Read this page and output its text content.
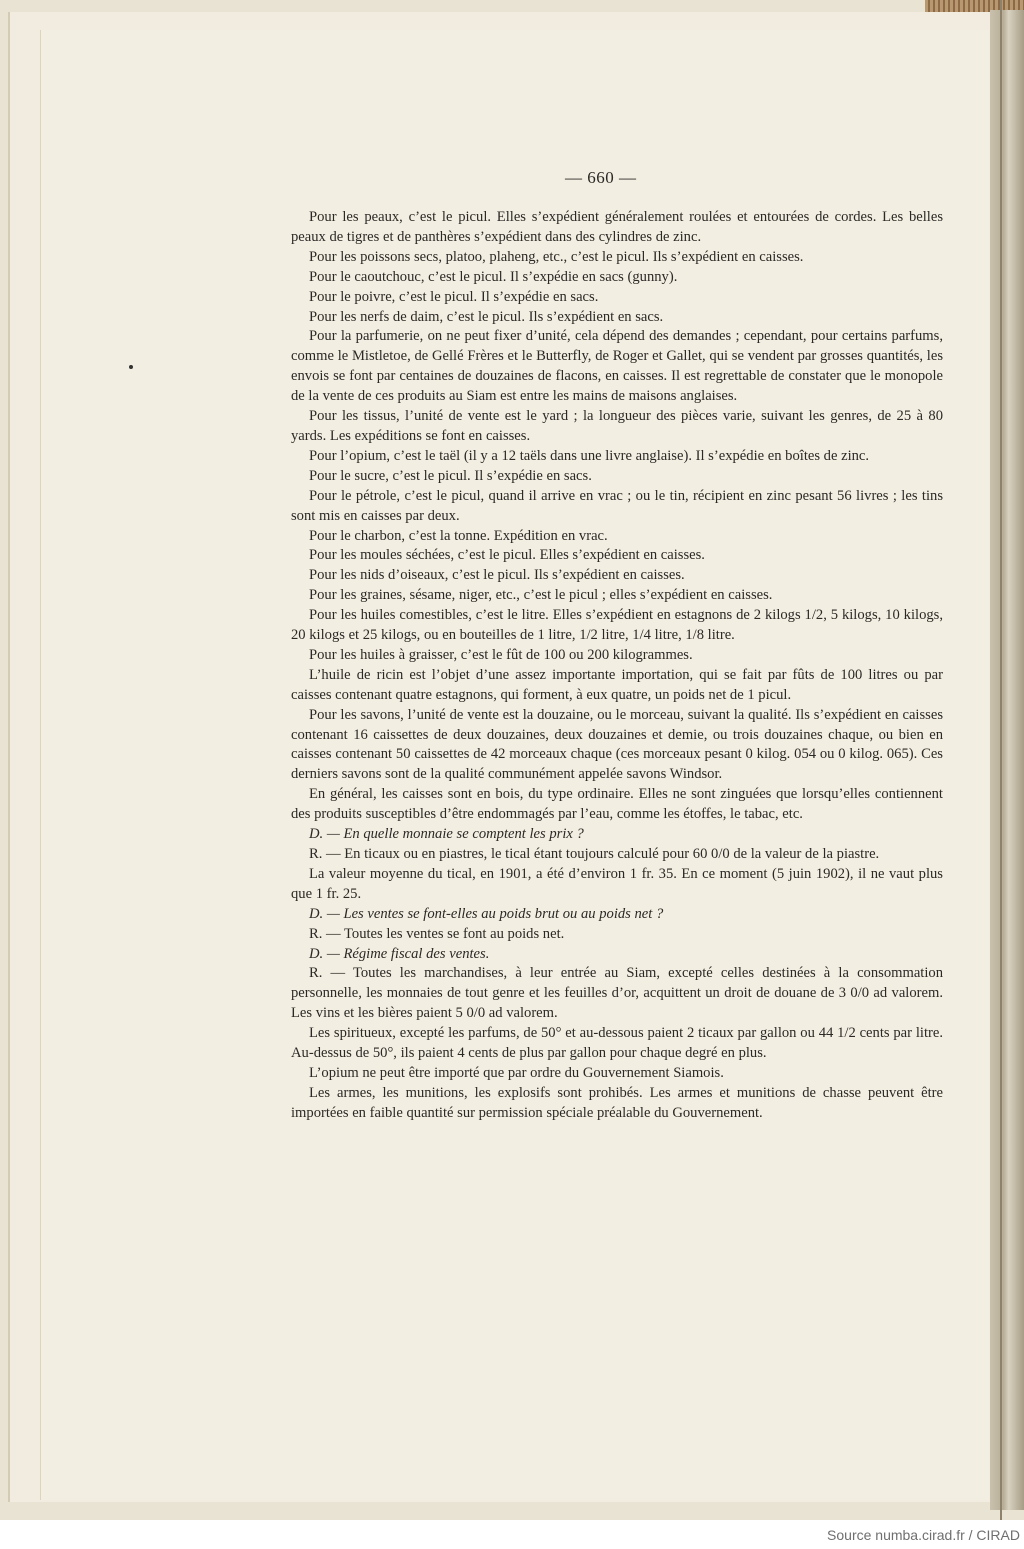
— 660 —

Pour les peaux, c’est le picul. Elles s’expédient généralement roulées et entourées de cordes. Les belles peaux de tigres et de panthères s’expédient dans des cylindres de zinc.

Pour les poissons secs, platoo, plaheng, etc., c’est le picul. Ils s’expédient en caisses.

Pour le caoutchouc, c’est le picul. Il s’expédie en sacs (gunny).

Pour le poivre, c’est le picul. Il s’expédie en sacs.

Pour les nerfs de daim, c’est le picul. Ils s’expédient en sacs.

Pour la parfumerie, on ne peut fixer d’unité, cela dépend des demandes ; cependant, pour certains parfums, comme le Mistletoe, de Gellé Frères et le Butterfly, de Roger et Gallet, qui se vendent par grosses quantités, les envois se font par centaines de douzaines de flacons, en caisses. Il est regrettable de constater que le monopole de la vente de ces produits au Siam est entre les mains de maisons anglaises.

Pour les tissus, l’unité de vente est le yard ; la longueur des pièces varie, suivant les genres, de 25 à 80 yards. Les expéditions se font en caisses.

Pour l’opium, c’est le taël (il y a 12 taëls dans une livre anglaise). Il s’expédie en boîtes de zinc.

Pour le sucre, c’est le picul. Il s’expédie en sacs.

Pour le pétrole, c’est le picul, quand il arrive en vrac ; ou le tin, récipient en zinc pesant 56 livres ; les tins sont mis en caisses par deux.

Pour le charbon, c’est la tonne. Expédition en vrac.

Pour les moules séchées, c’est le picul. Elles s’expédient en caisses.

Pour les nids d’oiseaux, c’est le picul. Ils s’expédient en caisses.

Pour les graines, sésame, niger, etc., c’est le picul ; elles s’expédient en caisses.

Pour les huiles comestibles, c’est le litre. Elles s’expédient en estagnons de 2 kilogs 1/2, 5 kilogs, 10 kilogs, 20 kilogs et 25 kilogs, ou en bouteilles de 1 litre, 1/2 litre, 1/4 litre, 1/8 litre.

Pour les huiles à graisser, c’est le fût de 100 ou 200 kilogrammes.

L’huile de ricin est l’objet d’une assez importante importation, qui se fait par fûts de 100 litres ou par caisses contenant quatre estagnons, qui forment, à eux quatre, un poids net de 1 picul.

Pour les savons, l’unité de vente est la douzaine, ou le morceau, suivant la qualité. Ils s’expédient en caisses contenant 16 caissettes de deux douzaines, deux douzaines et demie, ou trois douzaines chaque, ou bien en caisses contenant 50 caissettes de 42 morceaux chaque (ces morceaux pesant 0 kilog. 054 ou 0 kilog. 065). Ces derniers savons sont de la qualité communément appelée savons Windsor.

En général, les caisses sont en bois, du type ordinaire. Elles ne sont zinguées que lorsqu’elles contiennent des produits susceptibles d’être endommagés par l’eau, comme les étoffes, le tabac, etc.

D. — En quelle monnaie se comptent les prix ?

R. — En ticaux ou en piastres, le tical étant toujours calculé pour 60 0/0 de la valeur de la piastre.

La valeur moyenne du tical, en 1901, a été d’environ 1 fr. 35. En ce moment (5 juin 1902), il ne vaut plus que 1 fr. 25.

D. — Les ventes se font-elles au poids brut ou au poids net ?

R. — Toutes les ventes se font au poids net.

D. — Régime fiscal des ventes.

R. — Toutes les marchandises, à leur entrée au Siam, excepté celles destinées à la consommation personnelle, les monnaies de tout genre et les feuilles d’or, acquittent un droit de douane de 3 0/0 ad valorem. Les vins et les bières paient 5 0/0 ad valorem.

Les spiritueux, excepté les parfums, de 50° et au-dessous paient 2 ticaux par gallon ou 44 1/2 cents par litre. Au-dessus de 50°, ils paient 4 cents de plus par gallon pour chaque degré en plus.

L’opium ne peut être importé que par ordre du Gouvernement Siamois.

Les armes, les munitions, les explosifs sont prohibés. Les armes et munitions de chasse peuvent être importées en faible quantité sur permission spéciale préalable du Gouvernement.

Source numba.cirad.fr / CIRAD
